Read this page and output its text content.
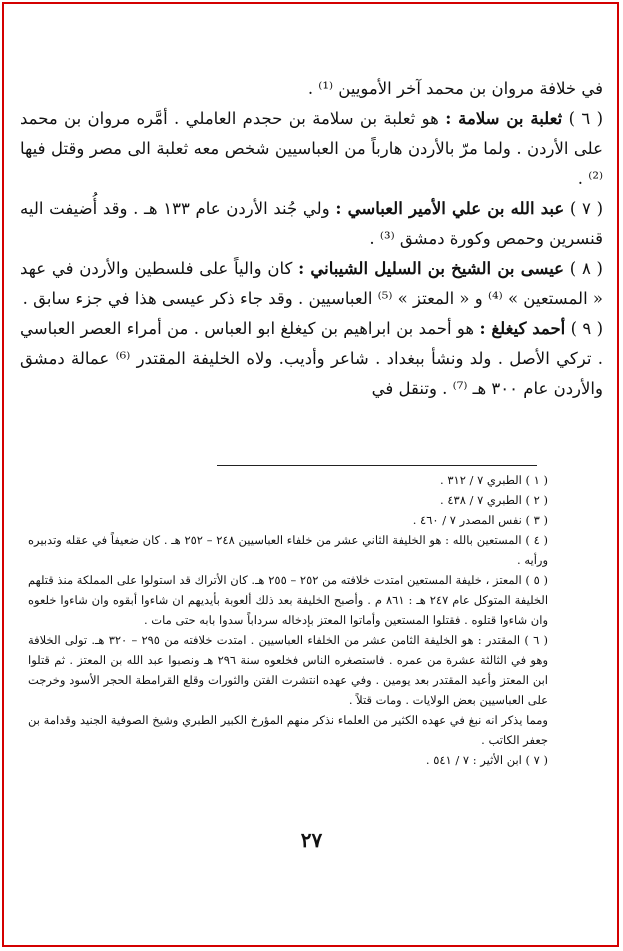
في خلافة مروان بن محمد آخر الأمويين ⁽¹⁾ .

( ٦ ) ثعلبة بن سلامة : هو ثعلبة بن سلامة بن حجدم العاملي . أمَّره مروان بن محمد على الأردن . ولما مرّ بالأردن هارباً من العباسيين شخص معه ثعلبة الى مصر وقتل فيها ⁽²⁾ .

( ٧ ) عبد الله بن علي الأمير العباسي : ولي جُند الأردن عام ١٣٣ هـ . وقد أُضيفت اليه قنسرين وحمص وكورة دمشق ⁽³⁾ .

( ٨ ) عيسى بن الشيخ بن السليل الشيباني : كان والياً على فلسطين والأردن في عهد « المستعين » ⁽⁴⁾ و « المعتز » ⁽⁵⁾ العباسيين . وقد جاء ذكر عيسى هذا في جزء سابق .

( ٩ ) أحمد كيغلغ : هو أحمد بن ابراهيم بن كيغلغ ابو العباس . من أمراء العصر العباسي . تركي الأصل . ولد ونشأ ببغداد . شاعر وأديب. ولاه الخليفة المقتدر ⁽⁶⁾ عمالة دمشق والأردن عام ٣٠٠ هـ ⁽⁷⁾ . وتنقل في

( ١ ) الطبري ٧ / ٣١٢ .

( ٢ ) الطبري ٧ / ٤٣٨ .

( ٣ ) نفس المصدر ٧ / ٤٦٠ .

( ٤ ) المستعين بالله : هو الخليفة الثاني عشر من خلفاء العباسيين ٢٤٨ – ٢٥٢ هـ . كان ضعيفاً في عقله وتدبيره ورأيه .

( ٥ ) المعتز ، خليفة المستعين امتدت خلافته من ٢٥٢ – ٢٥٥ هـ. كان الأتراك قد استولوا على المملكة منذ قتلهم الخليفة المتوكل عام ٢٤٧ هـ : ٨٦١ م . وأصبح الخليفة بعد ذلك ألعوبة بأيديهم ان شاءوا أبقوه وان شاءوا خلعوه وان شاءوا قتلوه . فقتلوا المستعين وأماتوا المعتز بإدخاله سرداباً سدوا بابه حتى مات .

( ٦ ) المقتدر : هو الخليفة الثامن عشر من الخلفاء العباسيين . امتدت خلافته من ٢٩٥ – ٣٢٠ هـ. تولى الخلافة وهو في الثالثة عشرة من عمره . فاستصغره الناس فخلعوه سنة ٢٩٦ هـ ونصبوا عبد الله بن المعتز . ثم قتلوا ابن المعتز وأعيد المقتدر بعد يومين . وفي عهده انتشرت الفتن والثورات وقلع القرامطة الحجر الأسود وخرجت على العباسيين بعض الولايات . ومات قتلاً .

ومما يذكر انه نبغ في عهده الكثير من العلماء نذكر منهم المؤرخ الكبير الطبري وشيخ الصوفية الجنيد وقدامة بن جعفر الكاتب .

( ٧ ) ابن الأثير : ٧ / ٥٤١ .

٢٧
